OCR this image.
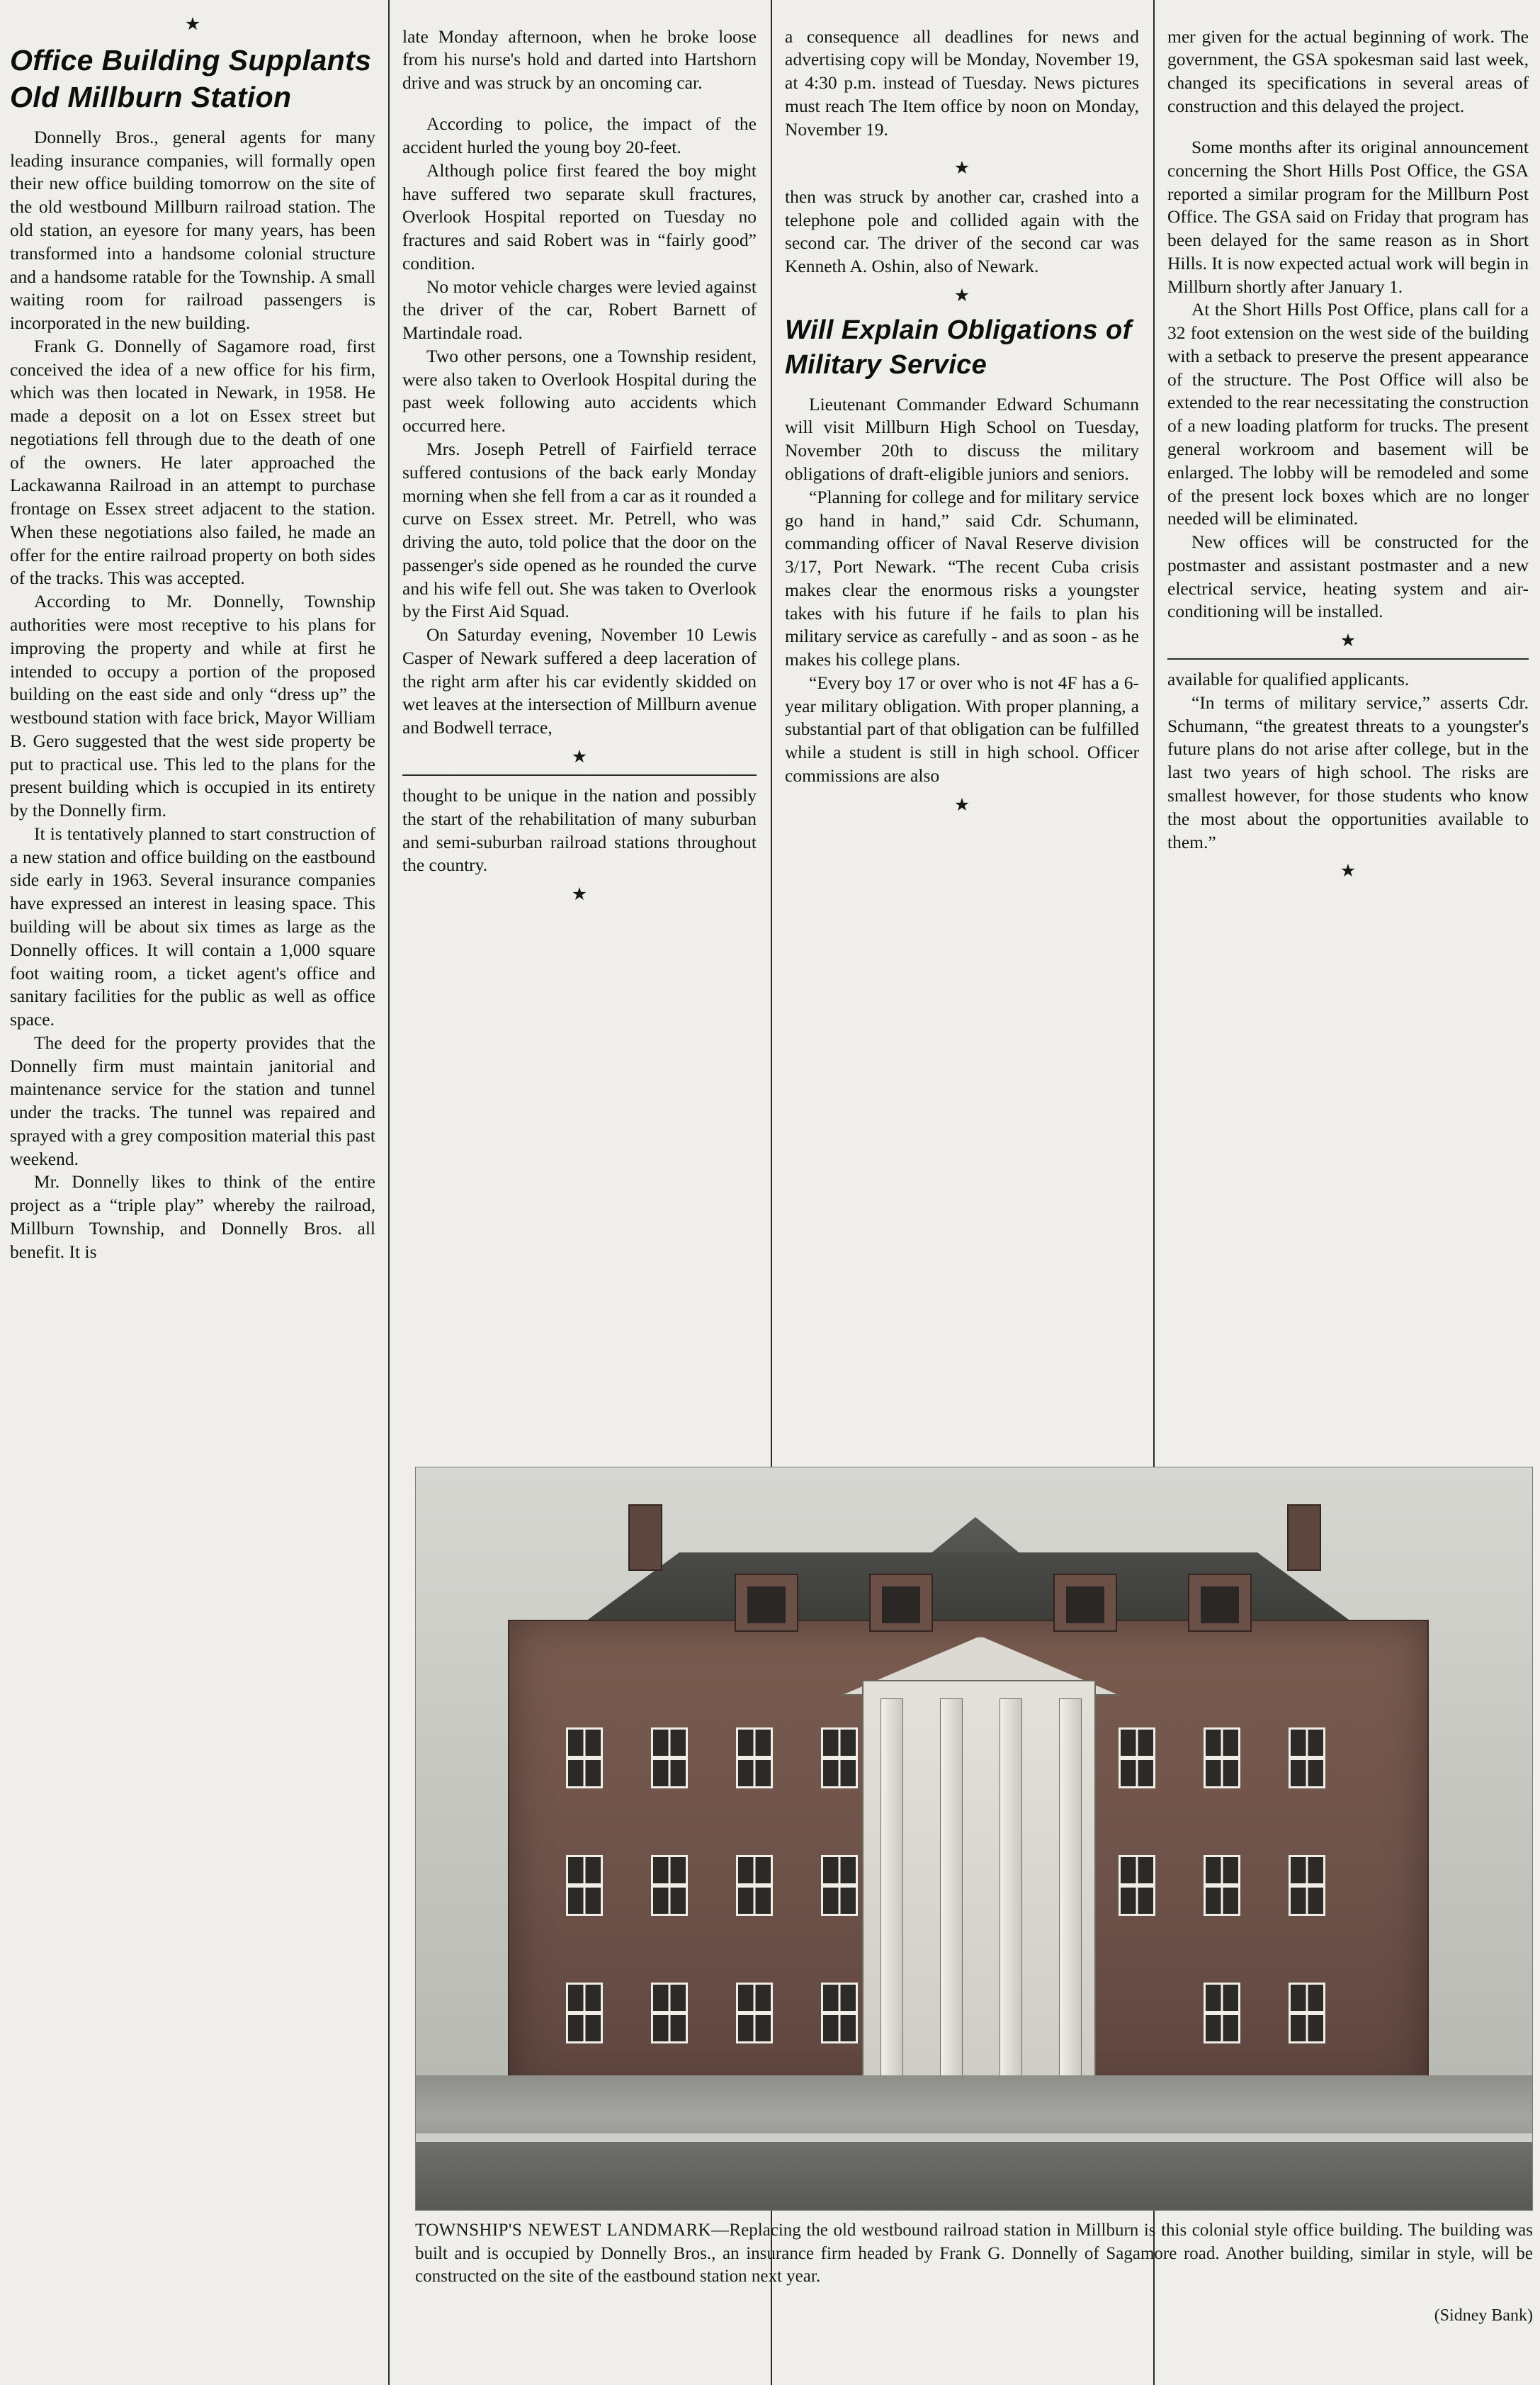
★
Office Building Supplants Old Millburn Station

Donnelly Bros., general agents for many leading insurance companies, will formally open their new office building tomorrow on the site of the old westbound Millburn railroad station. The old station, an eyesore for many years, has been transformed into a handsome colonial structure and a handsome ratable for the Township. A small waiting room for railroad passengers is incorporated in the new building.

Frank G. Donnelly of Sagamore road, first conceived the idea of a new office for his firm, which was then located in Newark, in 1958. He made a deposit on a lot on Essex street but negotiations fell through due to the death of one of the owners. He later approached the Lackawanna Railroad in an attempt to purchase frontage on Essex street adjacent to the station. When these negotiations also failed, he made an offer for the entire railroad property on both sides of the tracks. This was accepted.

According to Mr. Donnelly, Township authorities were most receptive to his plans for improving the property and while at first he intended to occupy a portion of the proposed building on the east side and only “dress up” the westbound station with face brick, Mayor William B. Gero suggested that the west side property be put to practical use. This led to the plans for the present building which is occupied in its entirety by the Donnelly firm.

It is tentatively planned to start construction of a new station and office building on the eastbound side early in 1963. Several insurance companies have expressed an interest in leasing space. This building will be about six times as large as the Donnelly offices. It will contain a 1,000 square foot waiting room, a ticket agent's office and sanitary facilities for the public as well as office space.

The deed for the property provides that the Donnelly firm must maintain janitorial and maintenance service for the station and tunnel under the tracks. The tunnel was repaired and sprayed with a grey composition material this past weekend.

Mr. Donnelly likes to think of the entire project as a “triple play” whereby the railroad, Millburn Township, and Donnelly Bros. all benefit. It is

late Monday afternoon, when he broke loose from his nurse's hold and darted into Hartshorn drive and was struck by an oncoming car.

According to police, the impact of the accident hurled the young boy 20-feet.

Although police first feared the boy might have suffered two separate skull fractures, Overlook Hospital reported on Tuesday no fractures and said Robert was in “fairly good” condition.

No motor vehicle charges were levied against the driver of the car, Robert Barnett of Martindale road.

Two other persons, one a Township resident, were also taken to Overlook Hospital during the past week following auto accidents which occurred here.

Mrs. Joseph Petrell of Fairfield terrace suffered contusions of the back early Monday morning when she fell from a car as it rounded a curve on Essex street. Mr. Petrell, who was driving the auto, told police that the door on the passenger's side opened as he rounded the curve and his wife fell out. She was taken to Overlook by the First Aid Squad.

On Saturday evening, November 10 Lewis Casper of Newark suffered a deep laceration of the right arm after his car evidently skidded on wet leaves at the intersection of Millburn avenue and Bodwell terrace,

★

thought to be unique in the nation and possibly the start of the rehabilitation of many suburban and semi-suburban railroad stations throughout the country.

★

a consequence all deadlines for news and advertising copy will be Monday, November 19, at 4:30 p.m. instead of Tuesday. News pictures must reach The Item office by noon on Monday, November 19.

★

then was struck by another car, crashed into a telephone pole and collided again with the second car. The driver of the second car was Kenneth A. Oshin, also of Newark.

★
Will Explain Obligations of Military Service

Lieutenant Commander Edward Schumann will visit Millburn High School on Tuesday, November 20th to discuss the military obligations of draft-eligible juniors and seniors.

“Planning for college and for military service go hand in hand,” said Cdr. Schumann, commanding officer of Naval Reserve division 3/17, Port Newark. “The recent Cuba crisis makes clear the enormous risks a youngster takes with his future if he fails to plan his military service as carefully - and as soon - as he makes his college plans.

“Every boy 17 or over who is not 4F has a 6-year military obligation. With proper planning, a substantial part of that obligation can be fulfilled while a student is still in high school. Officer commissions are also

★

mer given for the actual beginning of work. The government, the GSA spokesman said last week, changed its specifications in several areas of construction and this delayed the project.

Some months after its original announcement concerning the Short Hills Post Office, the GSA reported a similar program for the Millburn Post Office. The GSA said on Friday that program has been delayed for the same reason as in Short Hills. It is now expected actual work will begin in Millburn shortly after January 1.

At the Short Hills Post Office, plans call for a 32 foot extension on the west side of the building with a setback to preserve the present appearance of the structure. The Post Office will also be extended to the rear necessitating the construction of a new loading platform for trucks. The present general workroom and basement will be enlarged. The lobby will be remodeled and some of the present lock boxes which are no longer needed will be eliminated.

New offices will be constructed for the postmaster and assistant postmaster and a new electrical service, heating system and air-conditioning will be installed.

★

available for qualified applicants.

“In terms of military service,” asserts Cdr. Schumann, “the greatest threats to a youngster's future plans do not arise after college, but in the last two years of high school. The risks are smallest however, for those students who know the most about the opportunities available to them.”

★

TOWNSHIP'S NEWEST LANDMARK—Replacing the old westbound railroad station in Millburn is this colonial style office building. The building was built and is occupied by Donnelly Bros., an insurance firm headed by Frank G. Donnelly of Sagamore road. Another building, similar in style, will be constructed on the site of the eastbound station next year.

(Sidney Bank)
